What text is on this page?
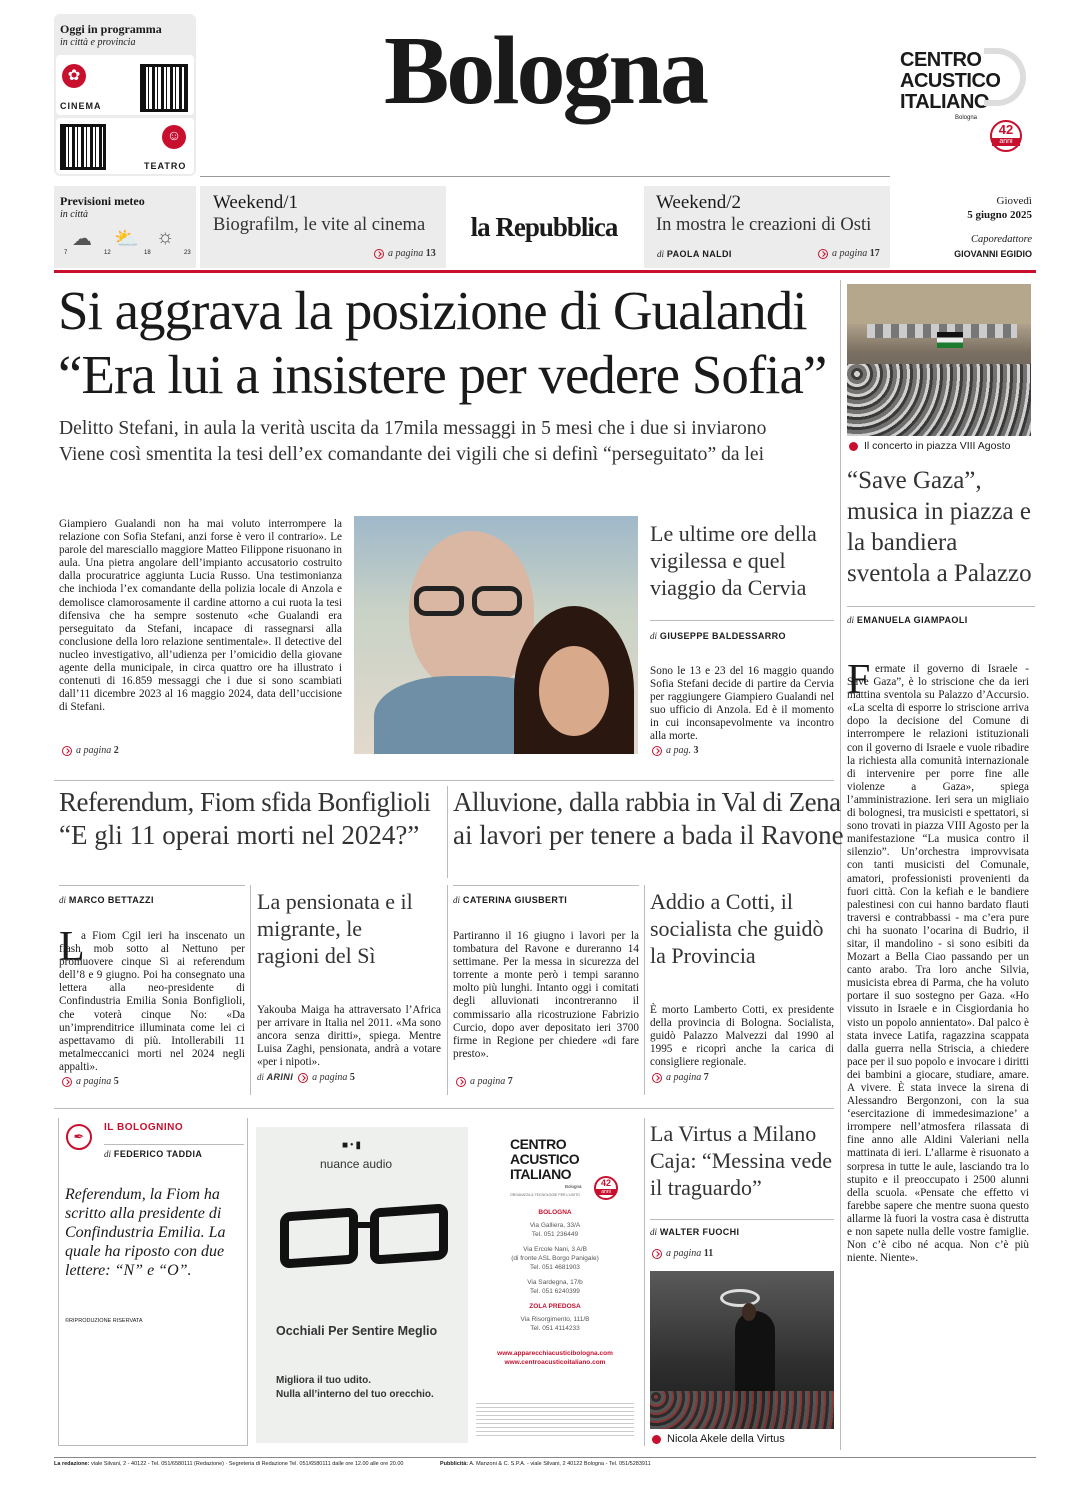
Oggi in programma
in città e provincia
✿
CINEMA
☺
TEATRO
Bologna	CENTRO
ACUSTICO
ITALIANO
Bologna
42
anni
Previsioni meteo
in città
☁ ⛅ ☼
7	12	18	23
Weekend/1
Biografilm, le vite al cinema
a pagina 13
la Repubblica
Weekend/2
In mostra le creazioni di Osti
di PAOLA NALDI	a pagina 17
Giovedì
5 giugno 2025
Caporedattore
GIOVANNI EGIDIO
Si aggrava la posizione di Gualandi
“Era lui a insistere per vedere Sofia”
Delitto Stefani, in aula la verità uscita da 17mila messaggi in 5 mesi che i due si inviarono
Viene così smentita la tesi dell’ex comandante dei vigili che si definì “perseguitato” da lei
Giampiero Gualandi non ha mai voluto interrompere la relazione con Sofia Stefani, anzi forse è vero il contrario». Le parole del maresciallo maggiore Matteo Filippone risuonano in aula. Una pietra angolare dell’impianto accusatorio costruito dalla procuratrice aggiunta Lucia Russo. Una testimonianza che inchioda l’ex comandante della polizia locale di Anzola e demolisce clamorosamente il cardine attorno a cui ruota la tesi difensiva che ha sempre sostenuto «che Gualandi era perseguitato da Stefani, incapace di rassegnarsi alla conclusione della loro relazione sentimentale». Il detective del nucleo investigativo, all’udienza per l’omicidio della giovane agente della municipale, in circa quattro ore ha illustrato i contenuti di 16.859 messaggi che i due si sono scambiati dall’11 dicembre 2023 al 16 maggio 2024, data dell’uccisione di Stefani.
a pagina 2
Le ultime ore della vigilessa e quel viaggio da Cervia
di GIUSEPPE BALDESSARRO
Sono le 13 e 23 del 16 maggio quando Sofia Stefani decide di partire da Cervia per raggiungere Giampiero Gualandi nel suo ufficio di Anzola. Ed è il momento in cui inconsapevolmente va incontro alla morte.
a pag. 3
Il concerto in piazza VIII Agosto
“Save Gaza”, musica in piazza e la bandiera sventola a Palazzo
di EMANUELA GIAMPAOLI
F ermate il governo di Israele - Save Gaza”, è lo striscione che da ieri mattina sventola su Palazzo d’Accursio. «La scelta di esporre lo striscione arriva dopo la decisione del Comune di interrompere le relazioni istituzionali con il governo di Israele e vuole ribadire la richiesta alla comunità internazionale di intervenire per porre fine alle violenze a Gaza», spiega l’amministrazione. Ieri sera un migliaio di bolognesi, tra musicisti e spettatori, si sono trovati in piazza VIII Agosto per la manifestazione “La musica contro il silenzio”. Un’orchestra improvvisata con tanti musicisti del Comunale, amatori, professionisti provenienti da fuori città. Con la kefiah e le bandiere palestinesi con cui hanno bardato flauti traversi e contrabbassi - ma c’era pure chi ha suonato l’ocarina di Budrio, il sitar, il mandolino - si sono esibiti da Mozart a Bella Ciao passando per un canto arabo. Tra loro anche Silvia, musicista ebrea di Parma, che ha voluto portare il suo sostegno per Gaza. «Ho vissuto in Israele e in Cisgiordania ho visto un popolo annientato». Dal palco è stata invece Latifa, ragazzina scappata dalla guerra nella Striscia, a chiedere pace per il suo popolo e invocare i diritti dei bambini a giocare, studiare, amare. A vivere. È stata invece la sirena di Alessandro Bergonzoni, con la sua ‘esercitazione di immedesimazione’ a irrompere nell’atmosfera rilassata di fine anno alle Aldini Valeriani nella mattinata di ieri. L’allarme è risuonato a sorpresa in tutte le aule, lasciando tra lo stupito e il preoccupato i 2500 alunni della scuola. «Pensate che effetto vi farebbe sapere che mentre suona questo allarme là fuori la vostra casa è distrutta e non sapete nulla delle vostre famiglie. Non c’è cibo né acqua. Non c’è più niente. Niente».
Referendum, Fiom sfida Bonfiglioli
“E gli 11 operai morti nel 2024?”
Alluvione, dalla rabbia in Val di Zena
ai lavori per tenere a bada il Ravone
di MARCO BETTAZZI
L
a Fiom Cgil ieri ha inscenato un flash mob sotto al Nettuno per promuovere cinque Sì ai referendum dell’8 e 9 giugno. Poi ha consegnato una lettera alla neo-presidente di Confindustria Emilia Sonia Bonfiglioli, che voterà cinque No: «Da un’imprenditrice illuminata come lei ci aspettavamo di più. Intollerabili 11 metalmeccanici morti nel 2024 negli appalti».
a pagina 5
La pensionata e il migrante, le ragioni del Sì
Yakouba Maiga ha attraversato l’Africa per arrivare in Italia nel 2011. «Ma sono ancora senza diritti», spiega. Mentre Luisa Zaghi, pensionata, andrà a votare «per i nipoti».
di ARINI a pagina 5
di CATERINA GIUSBERTI
Partiranno il 16 giugno i lavori per la tombatura del Ravone e dureranno 14 settimane. Per la messa in sicurezza del torrente a monte però i tempi saranno molto più lunghi. Intanto oggi i comitati degli alluvionati incontreranno il commissario alla ricostruzione Fabrizio Curcio, dopo aver depositato ieri 3700 firme in Regione per chiedere «di fare presto».
a pagina 7
Addio a Cotti, il socialista che guidò la Provincia
È morto Lamberto Cotti, ex presidente della provincia di Bologna. Socialista, guidò Palazzo Malvezzi dal 1990 al 1995 e ricoprì anche la carica di consigliere regionale.
a pagina 7
✒
IL BOLOGNINO
di FEDERICO TADDIA
Referendum, la Fiom ha scritto alla presidente di Confindustria Emilia. La quale ha riposto con due lettere: “N” e “O”.
©RIPRODUZIONE RISERVATA
■•▮
nuance audio
Occhiali Per Sentire Meglio
Migliora il tuo udito.
Nulla all’interno del tuo orecchio.
CENTRO
ACUSTICO
ITALIANO
Bologna
ORGANIZZA & TECNOLOGIE PER L’UDITO
42
anni
BOLOGNA
Via Galliera, 33/A
Tel. 051 236449
Via Ercole Nani, 3 A/B
(di fronte ASL Borgo Panigale)
Tel. 051 4681903
Via Sardegna, 17/b
Tel. 051 6240399
ZOLA PREDOSA
Via Risorgimento, 111/B
Tel. 051 4114233
www.apparecchiacusticibologna.com
www.centroacusticoitaliano.com
La Virtus a Milano Caja: “Messina vede il traguardo”
di WALTER FUOCHI
a pagina 11
Nicola Akele della Virtus
La redazione: viale Silvani, 2 - 40122 - Tel. 051/6580111 (Redazione) · Segreteria di Redazione Tel. 051/6580111 dalle ore 12.00 alle ore 20.00	Pubblicità: A. Manzoni & C. S.P.A. - viale Silvani, 2 40122 Bologna - Tel. 051/5283911
